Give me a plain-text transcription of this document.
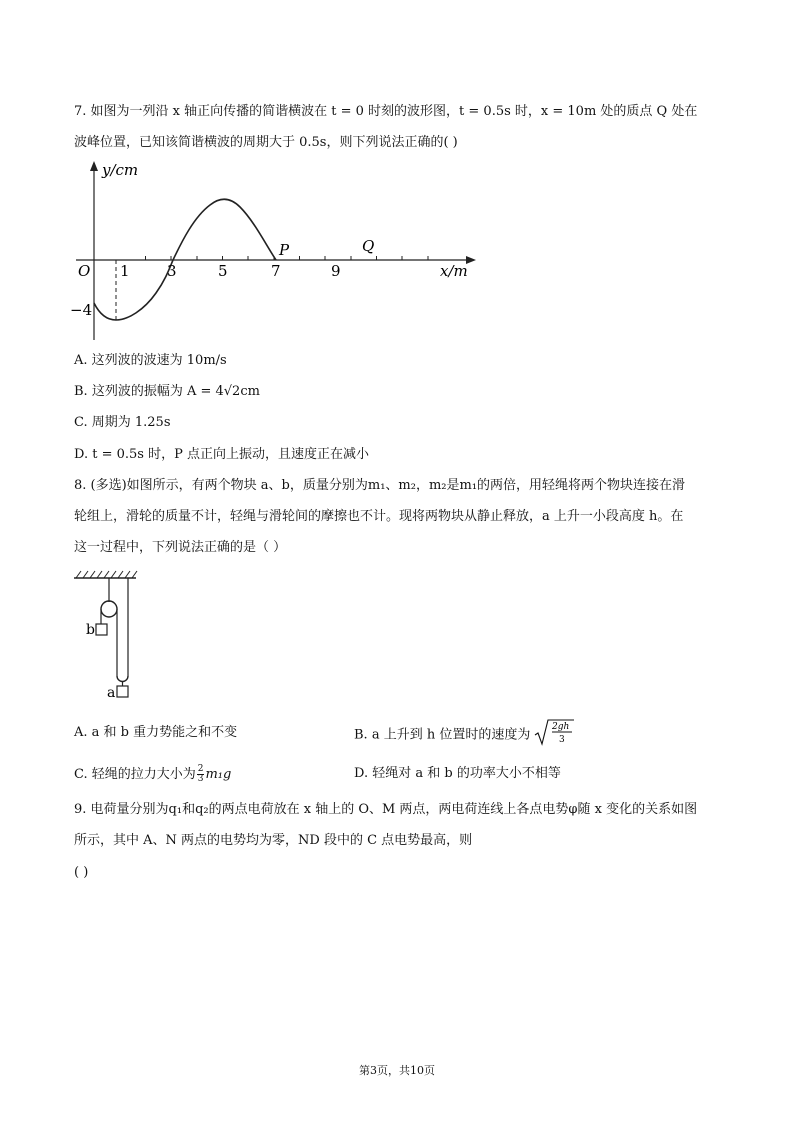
7. 如图为一列沿 x 轴正向传播的简谐横波在 t = 0 时刻的波形图，t = 0.5s 时，x = 10m 处的质点 Q 处在
波峰位置，已知该简谐横波的周期大于 0.5s，则下列说法正确的( )
y/cm
x/m
O 1 3	5	7	9
−4
P	Q
A. 这列波的波速为 10m/s
B. 这列波的振幅为 A = 4√2cm
C. 周期为 1.25s
D. t = 0.5s 时，P 点正向上振动，且速度正在减小
8. (多选)如图所示，有两个物块 a、b，质量分别为m₁、m₂，m₂是m₁的两倍，用轻绳将两个物块连接在滑
轮组上，滑轮的质量不计，轻绳与滑轮间的摩擦也不计。现将两物块从静止释放，a 上升一小段高度 h。在
这一过程中，下列说法正确的是（ ）
b
a
A. a 和 b 重力势能之和不变	B. a 上升到 h 位置时的速度为
2gh
3
C. 轻绳的拉力大小为 $\frac{2}{3} m_1g$	D. 轻绳对 a 和 b 的功率大小不相等
9. 电荷量分别为q₁和q₂的两点电荷放在 x 轴上的 O、M 两点，两电荷连线上各点电势φ随 x 变化的关系如图
所示，其中 A、N 两点的电势均为零，ND 段中的 C 点电势最高，则
( )
第3页，共10页
